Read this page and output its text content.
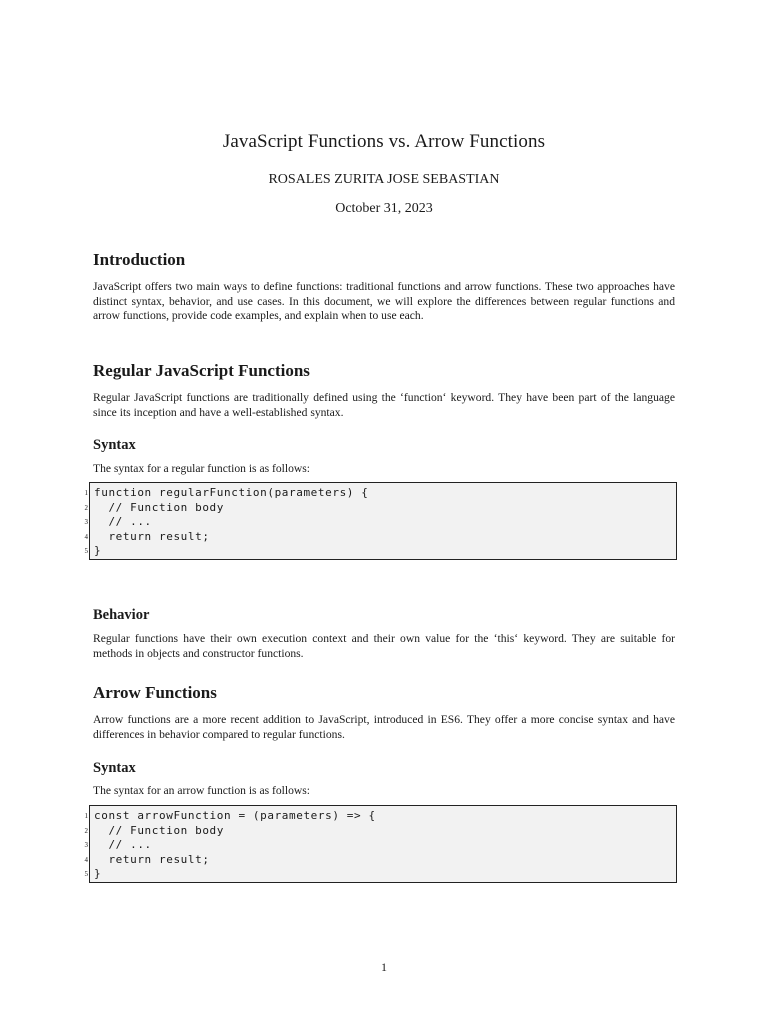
JavaScript Functions vs. Arrow Functions
ROSALES ZURITA JOSE SEBASTIAN
October 31, 2023
Introduction

JavaScript offers two main ways to define functions: traditional functions and arrow functions. These two approaches have distinct syntax, behavior, and use cases. In this document, we will explore the differences between regular functions and arrow functions, provide code examples, and explain when to use each.

Regular JavaScript Functions

Regular JavaScript functions are traditionally defined using the ‘function‘ keyword. They have been part of the language since its inception and have a well-established syntax.

Syntax

The syntax for a regular function is as follows:

1 function regularFunction(parameters) {
2 // Function body
3 // ...
4 return result;
5 }
Behavior

Regular functions have their own execution context and their own value for the ‘this‘ keyword. They are suitable for methods in objects and constructor functions.

Arrow Functions

Arrow functions are a more recent addition to JavaScript, introduced in ES6. They offer a more concise syntax and have differences in behavior compared to regular functions.

Syntax

The syntax for an arrow function is as follows:

1 const arrowFunction = (parameters) => {
2 // Function body
3 // ...
4 return result;
5 }
1
